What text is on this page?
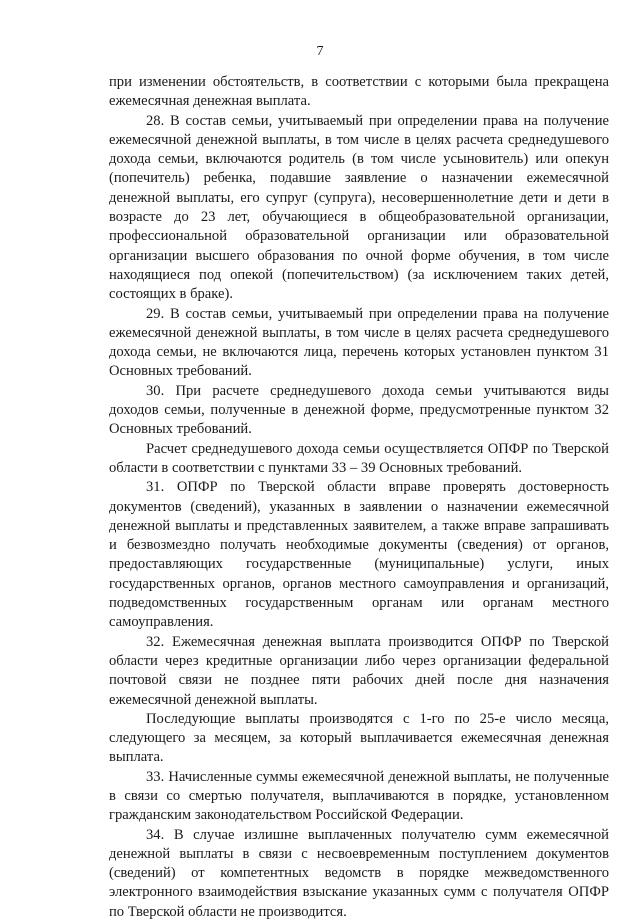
7

при изменении обстоятельств, в соответствии с которыми была прекращена ежемесячная денежная выплата.

28. В состав семьи, учитываемый при определении права на получение ежемесячной денежной выплаты, в том числе в целях расчета среднедушевого дохода семьи, включаются родитель (в том числе усыновитель) или опекун (попечитель) ребенка, подавшие заявление о назначении ежемесячной денежной выплаты, его супруг (супруга), несовершеннолетние дети и дети в возрасте до 23 лет, обучающиеся в общеобразовательной организации, профессиональной образовательной организации или образовательной организации высшего образования по очной форме обучения, в том числе находящиеся под опекой (попечительством) (за исключением таких детей, состоящих в браке).

29. В состав семьи, учитываемый при определении права на получение ежемесячной денежной выплаты, в том числе в целях расчета среднедушевого дохода семьи, не включаются лица, перечень которых установлен пунктом 31 Основных требований.

30. При расчете среднедушевого дохода семьи учитываются виды доходов семьи, полученные в денежной форме, предусмотренные пунктом 32 Основных требований.

Расчет среднедушевого дохода семьи осуществляется ОПФР по Тверской области в соответствии с пунктами 33 – 39 Основных требований.

31. ОПФР по Тверской области вправе проверять достоверность документов (сведений), указанных в заявлении о назначении ежемесячной денежной выплаты и представленных заявителем, а также вправе запрашивать и безвозмездно получать необходимые документы (сведения) от органов, предоставляющих государственные (муниципальные) услуги, иных государственных органов, органов местного самоуправления и организаций, подведомственных государственным органам или органам местного самоуправления.

32. Ежемесячная денежная выплата производится ОПФР по Тверской области через кредитные организации либо через организации федеральной почтовой связи не позднее пяти рабочих дней после дня назначения ежемесячной денежной выплаты.

Последующие выплаты производятся с 1-го по 25-е число месяца, следующего за месяцем, за который выплачивается ежемесячная денежная выплата.

33. Начисленные суммы ежемесячной денежной выплаты, не полученные в связи со смертью получателя, выплачиваются в порядке, установленном гражданским законодательством Российской Федерации.

34. В случае излишне выплаченных получателю сумм ежемесячной денежной выплаты в связи с несвоевременным поступлением документов (сведений) от компетентных ведомств в порядке межведомственного электронного взаимодействия взыскание указанных сумм с получателя ОПФР по Тверской области не производится.
